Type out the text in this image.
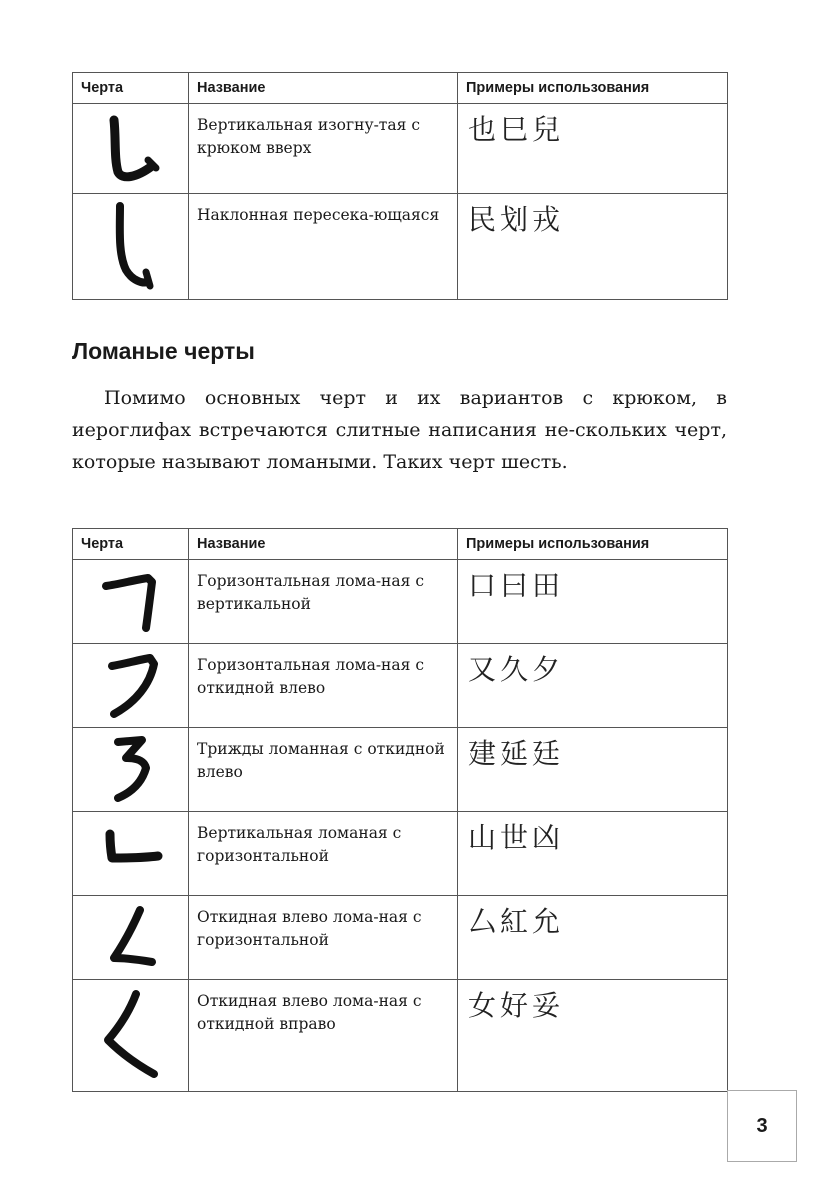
Черта	Название	Примеры использования

	Вертикальная изогну-тая с крюком вверх	也巳兒

	Наклонная пересека-ющаяся	民划戎
Ломаные черты

Помимо основных черт и их вариантов с крюком, в иероглифах встречаются слитные написания не-скольких черт, которые называют ломаными. Таких черт шесть.

Черта	Название	Примеры использования

	Горизонтальная лома-ная с вертикальной	口曰田

	Горизонтальная лома-ная с откидной влево	又久夕

	Трижды ломанная с откидной влево	建延廷

	Вертикальная ломаная с горизонтальной	山世凶

	Откидная влево лома-ная с горизонтальной	厶紅允

	Откидная влево лома-ная с откидной вправо	女好妥
3
